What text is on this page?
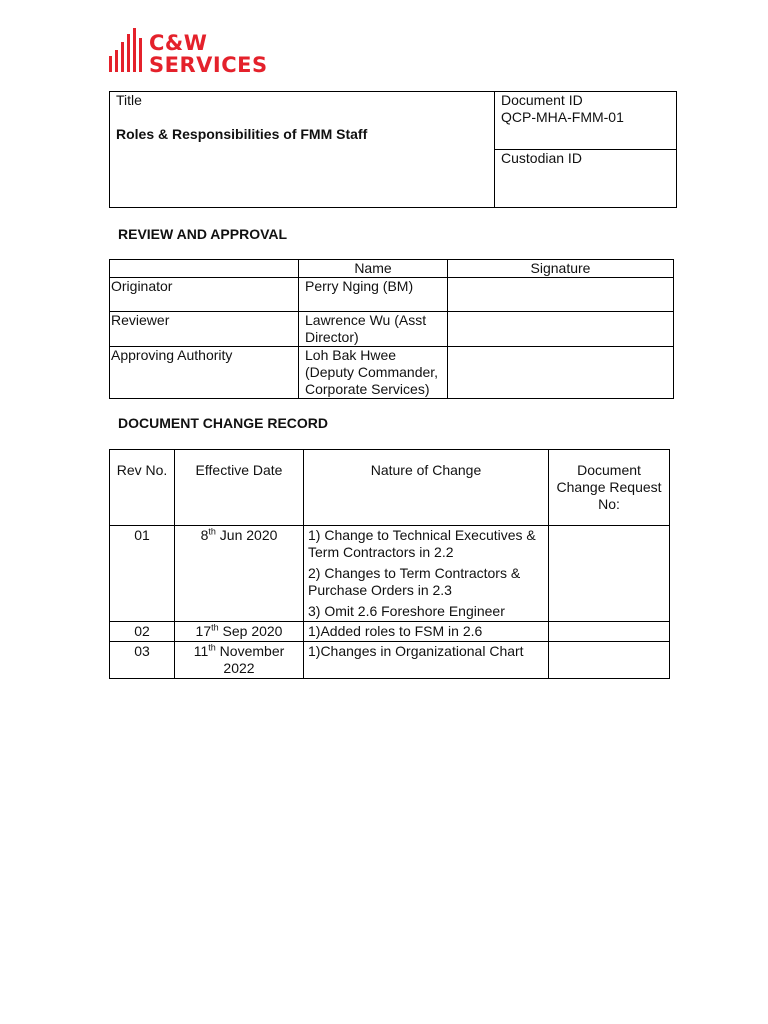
C&W
SERVICES
Title
Roles & Responsibilities of FMM Staff

Document ID
QCP-MHA-FMM-01

Custodian ID
REVIEW AND APPROVAL
	Name	Signature
Originator	Perry Nging (BM)	
Reviewer	Lawrence Wu (Asst Director)	
Approving Authority	Loh Bak Hwee (Deputy Commander, Corporate Services)	
DOCUMENT CHANGE RECORD
Rev No.	Effective Date	Nature of Change	Document Change Request No:
01	8th Jun 2020	1) Change to Technical Executives & Term Contractors in 2.2

2) Changes to Term Contractors & Purchase Orders in 2.3

3) Omit 2.6 Foreshore Engineer	

02	17th Sep 2020	1)Added roles to FSM in 2.6	
03	11th November 2022	1)Changes in Organizational Chart	
